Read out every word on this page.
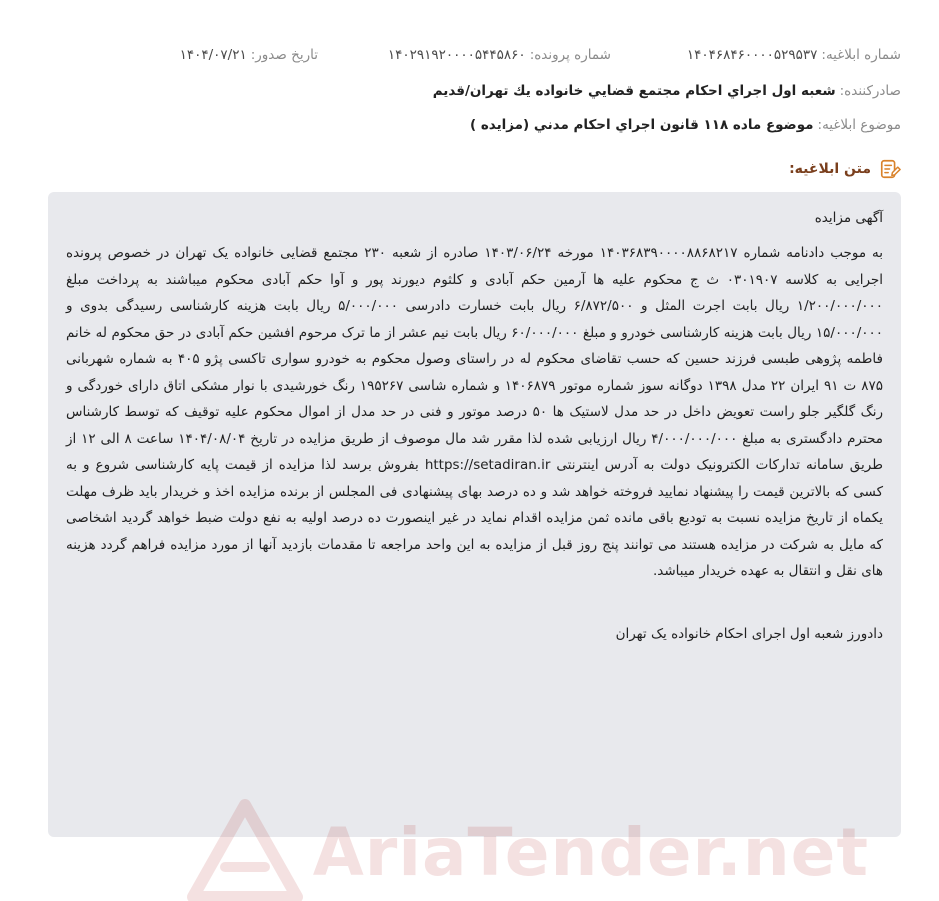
شماره ابلاغیه:
۱۴۰۴۶۸۴۶۰۰۰۰۵۲۹۵۳۷
شماره پرونده:
۱۴۰۲۹۱۹۲۰۰۰۰۵۴۴۵۸۶۰
تاریخ صدور:
۱۴۰۴/۰۷/۲۱
صادرکننده:
شعبه اول اجراي احکام مجتمع قضايي خانواده يك تهران/قديم
موضوع ابلاغیه:
موضوع ماده ۱۱۸ قانون اجراي احکام مدني (مزايده )
متن ابلاغیه:
آگهی مزایده
به موجب دادنامه شماره ۱۴۰۳۶۸۳۹۰۰۰۰۸۸۶۸۲۱۷ مورخه ۱۴۰۳/۰۶/۲۴ صادره از شعبه ۲۳۰ مجتمع قضایی خانواده یک تهران در خصوص پرونده اجرایی به کلاسه ۰۳۰۱۹۰۷ ث ج محکوم علیه ها آرمین حکم آبادی و کلثوم دیورند پور و آوا حکم آبادی محکوم میباشند به پرداخت مبلغ ۱/۲۰۰/۰۰۰/۰۰۰ ریال بابت اجرت المثل و ۶/۸۷۲/۵۰۰ ریال بابت خسارت دادرسی ۵/۰۰۰/۰۰۰ ریال بابت هزینه کارشناسی رسیدگی بدوی و ۱۵/۰۰۰/۰۰۰ ریال بابت هزینه کارشناسی خودرو و مبلغ ۶۰/۰۰۰/۰۰۰ ریال بابت نیم عشر از ما ترک مرحوم افشین حکم آبادی در حق محکوم له خانم فاطمه پژوهی طبسی فرزند حسین که حسب تقاضای محکوم له در راستای وصول محکوم به خودرو سواری تاکسی پژو ۴۰۵ به شماره شهربانی ۸۷۵ ت ۹۱ ایران ۲۲ مدل ۱۳۹۸ دوگانه سوز شماره موتور ۱۴۰۶۸۷۹ و شماره شاسی ۱۹۵۲۶۷ رنگ خورشیدی با نوار مشکی اتاق دارای خوردگی و رنگ گلگیر جلو راست تعویض داخل در حد مدل لاستیک ها ۵۰ درصد موتور و فنی در حد مدل از اموال محکوم علیه توقیف که توسط کارشناس محترم دادگستری به مبلغ ۴/۰۰۰/۰۰۰/۰۰۰ ریال ارزیابی شده لذا مقرر شد مال موصوف از طریق مزایده در تاریخ ۱۴۰۴/۰۸/۰۴ ساعت ۸ الی ۱۲ از طریق سامانه تدارکات الکترونیک دولت به آدرس اینترنتی https://setadiran.ir بفروش برسد لذا مزایده از قیمت پایه کارشناسی شروع و به کسی که بالاترین قیمت را پیشنهاد نمایید فروخته خواهد شد و ده درصد بهای پیشنهادی فی المجلس از برنده مزایده اخذ و خریدار باید ظرف مهلت یکماه از تاریخ مزایده نسبت به تودیع باقی مانده ثمن مزایده اقدام نماید در غیر اینصورت ده درصد اولیه به نفع دولت ضبط خواهد گردید اشخاصی که مایل به شرکت در مزایده هستند می توانند پنج روز قبل از مزایده به این واحد مراجعه تا مقدمات بازدید آنها از مورد مزایده فراهم گردد هزینه های نقل و انتقال به عهده خریدار میباشد.
دادورز شعبه اول اجرای احکام خانواده یک تهران
AriaTender.net
